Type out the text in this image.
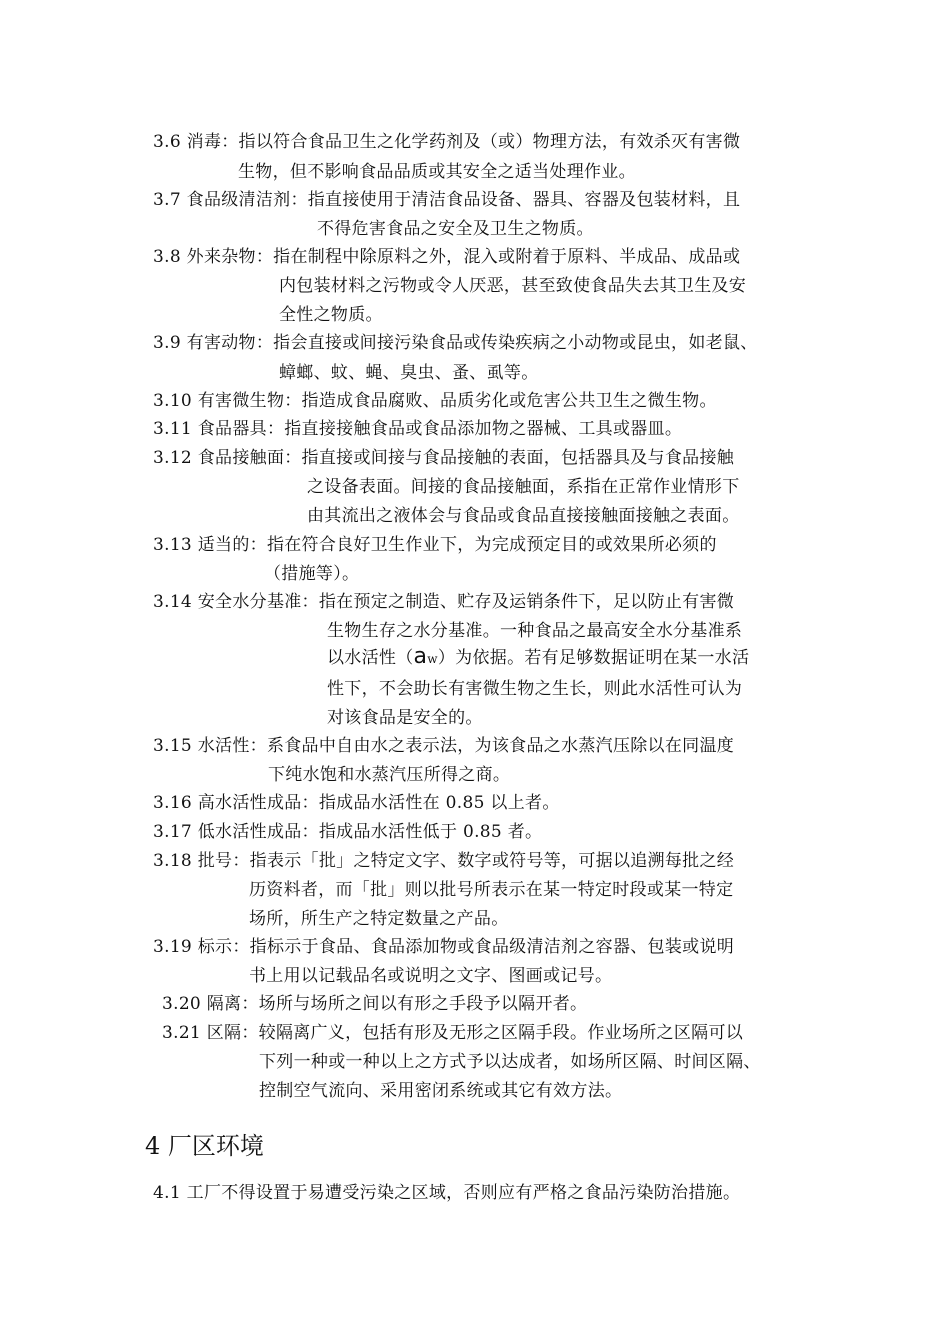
3.6 消毒：指以符合食品卫生之化学药剂及（或）物理方法，有效杀灭有害微
生物，但不影响食品品质或其安全之适当处理作业。
3.7 食品级清洁剂：指直接使用于清洁食品设备、器具、容器及包装材料，且
不得危害食品之安全及卫生之物质。
3.8 外来杂物：指在制程中除原料之外，混入或附着于原料、半成品、成品或
内包装材料之污物或令人厌恶，甚至致使食品失去其卫生及安
全性之物质。
3.9 有害动物：指会直接或间接污染食品或传染疾病之小动物或昆虫，如老鼠、
蟑螂、蚊、蝇、臭虫、蚤、虱等。
3.10 有害微生物：指造成食品腐败、品质劣化或危害公共卫生之微生物。
3.11 食品器具：指直接接触食品或食品添加物之器械、工具或器皿。
3.12 食品接触面：指直接或间接与食品接触的表面，包括器具及与食品接触
之设备表面。间接的食品接触面，系指在正常作业情形下
由其流出之液体会与食品或食品直接接触面接触之表面。
3.13 适当的：指在符合良好卫生作业下，为完成预定目的或效果所必须的
（措施等）。
3.14 安全水分基准：指在预定之制造、贮存及运销条件下，足以防止有害微
生物生存之水分基准。一种食品之最高安全水分基准系
以水活性（aw）为依据。若有足够数据证明在某一水活
性下，不会助长有害微生物之生长，则此水活性可认为
对该食品是安全的。
3.15 水活性：系食品中自由水之表示法，为该食品之水蒸汽压除以在同温度
下纯水饱和水蒸汽压所得之商。
3.16 高水活性成品：指成品水活性在 0.85 以上者。
3.17 低水活性成品：指成品水活性低于 0.85 者。
3.18 批号：指表示「批」之特定文字、数字或符号等，可据以追溯每批之经
历资料者，而「批」则以批号所表示在某一特定时段或某一特定
场所，所生产之特定数量之产品。
3.19 标示：指标示于食品、食品添加物或食品级清洁剂之容器、包装或说明
书上用以记载品名或说明之文字、图画或记号。
3.20 隔离：场所与场所之间以有形之手段予以隔开者。
3.21 区隔：较隔离广义，包括有形及无形之区隔手段。作业场所之区隔可以
下列一种或一种以上之方式予以达成者，如场所区隔、时间区隔、
控制空气流向、采用密闭系统或其它有效方法。
4 厂区环境
4.1 工厂不得设置于易遭受污染之区域，否则应有严格之食品污染防治措施。
